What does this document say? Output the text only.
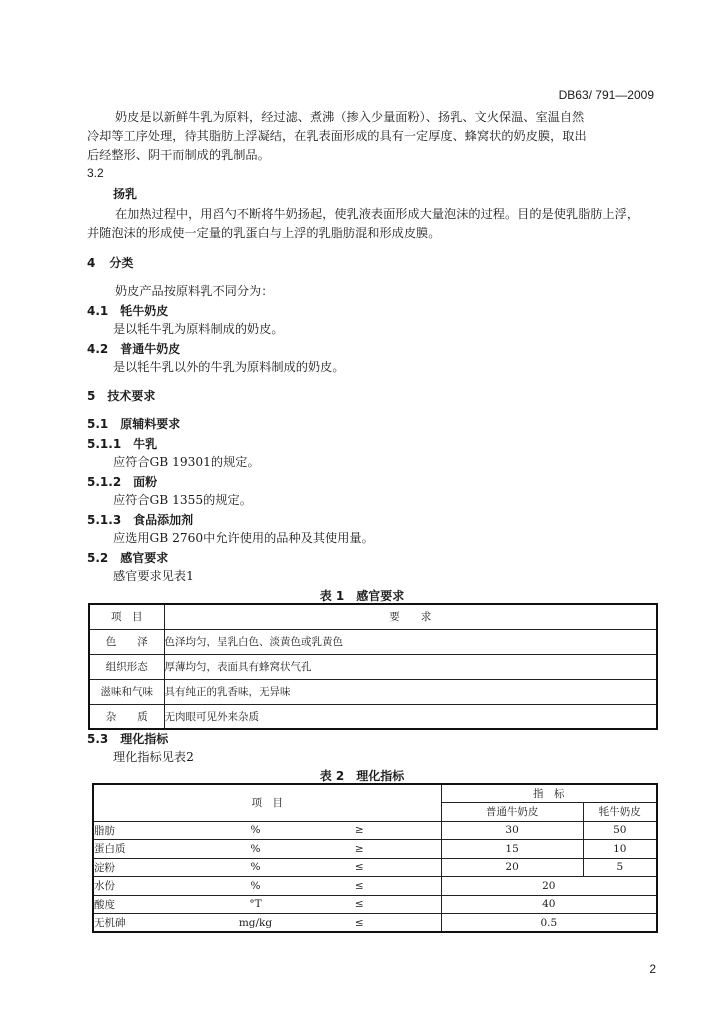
DB63/ 791—2009
奶皮是以新鲜牛乳为原料，经过滤、煮沸（掺入少量面粉）、扬乳、文火保温、室温自然
冷却等工序处理，待其脂肪上浮凝结，在乳表面形成的具有一定厚度、蜂窝状的奶皮膜，取出
后经整形、阴干而制成的乳制品。
3.2
扬乳
在加热过程中，用舀勺不断将牛奶扬起，使乳液表面形成大量泡沫的过程。目的是使乳脂肪上浮，
并随泡沫的形成使一定量的乳蛋白与上浮的乳脂肪混和形成皮膜。
4 分类
奶皮产品按原料乳不同分为：
4.1 牦牛奶皮
是以牦牛乳为原料制成的奶皮。
4.2 普通牛奶皮
是以牦牛乳以外的牛乳为原料制成的奶皮。
5 技术要求
5.1 原辅料要求
5.1.1 牛乳
应符合GB 19301的规定。
5.1.2 面粉
应符合GB 1355的规定。
5.1.3 食品添加剂
应选用GB 2760中允许使用的品种及其使用量。
5.2 感官要求
感官要求见表1
表 1　感官要求
项　目	要　　求
色　　泽	色泽均匀，呈乳白色、淡黄色或乳黄色
组织形态	厚薄均匀，表面具有蜂窝状气孔
滋味和气味	具有纯正的乳香味，无异味
杂　　质	无肉眼可见外来杂质
5.3 理化指标
理化指标见表2
表 2　理化指标
项　目			指　标	
			普通牛奶皮	牦牛奶皮
脂肪	%	≥	30	50
蛋白质	%	≥	15	10
淀粉	%	≤	20	5
水份	%	≤	20	
酸度	°T	≤	40	
无机砷	mg/kg	≤	0.5	
2
